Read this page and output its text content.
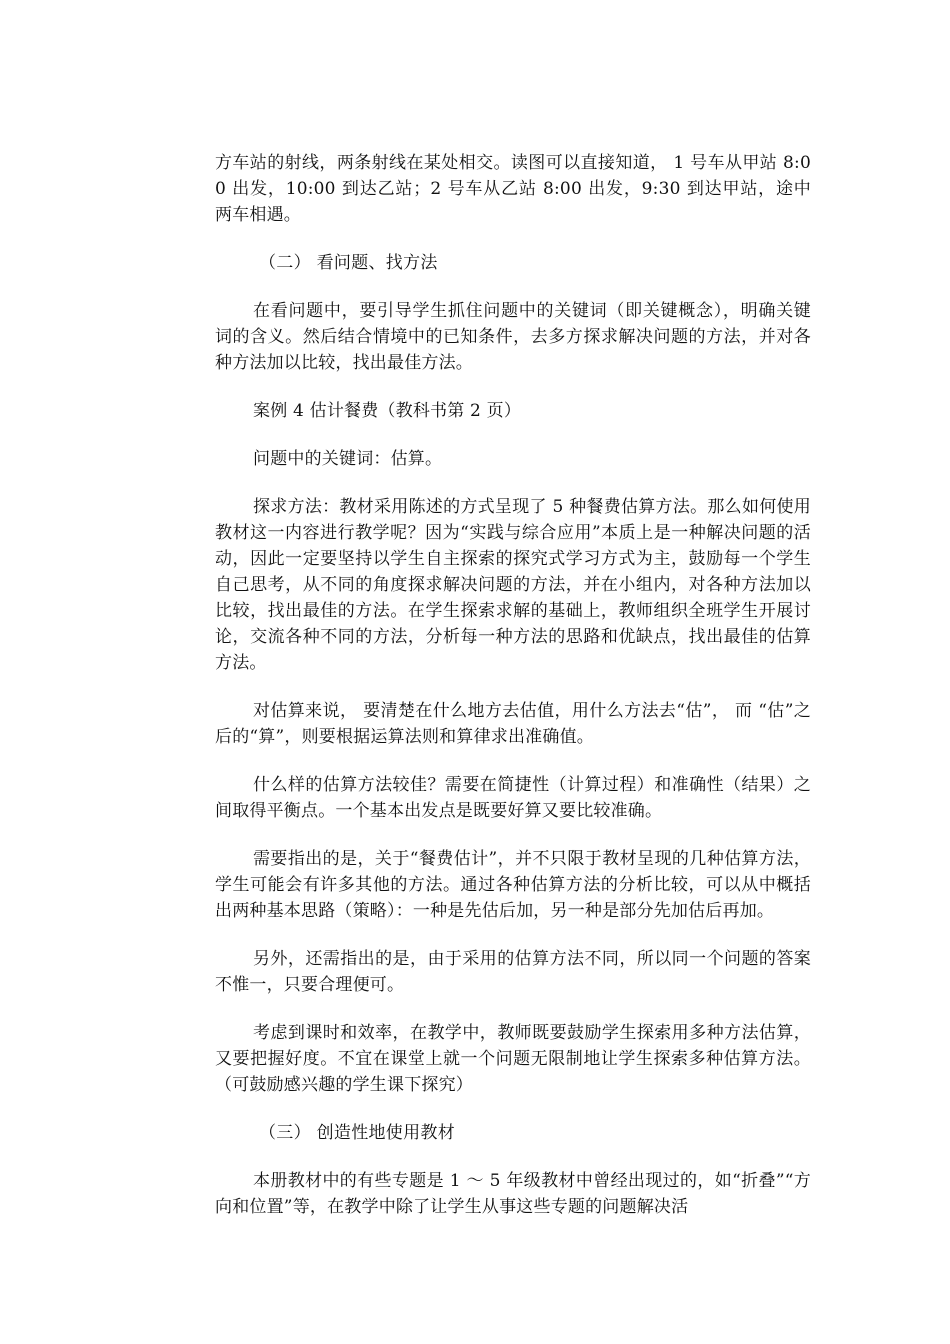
方车站的射线，两条射线在某处相交。读图可以直接知道， 1 号车从甲站 8:00 出发，10:00 到达乙站；2 号车从乙站 8:00 出发，9:30 到达甲站，途中两车相遇。

（二） 看问题、找方法

在看问题中，要引导学生抓住问题中的关键词（即关键概念），明确关键词的含义。然后结合情境中的已知条件，去多方探求解决问题的方法，并对各种方法加以比较，找出最佳方法。

案例 4 估计餐费（教科书第 2 页）

问题中的关键词：估算。

探求方法：教材采用陈述的方式呈现了 5 种餐费估算方法。那么如何使用教材这一内容进行教学呢？因为“实践与综合应用”本质上是一种解决问题的活动，因此一定要坚持以学生自主探索的探究式学习方式为主，鼓励每一个学生自己思考，从不同的角度探求解决问题的方法，并在小组内，对各种方法加以比较，找出最佳的方法。在学生探索求解的基础上，教师组织全班学生开展讨论，交流各种不同的方法，分析每一种方法的思路和优缺点，找出最佳的估算方法。

对估算来说， 要清楚在什么地方去估值，用什么方法去“估”， 而 “估”之后的“算”，则要根据运算法则和算律求出准确值。

什么样的估算方法较佳？需要在简捷性（计算过程）和准确性（结果）之间取得平衡点。一个基本出发点是既要好算又要比较准确。

需要指出的是，关于“餐费估计”，并不只限于教材呈现的几种估算方法，学生可能会有许多其他的方法。通过各种估算方法的分析比较，可以从中概括出两种基本思路（策略）：一种是先估后加，另一种是部分先加估后再加。

另外，还需指出的是，由于采用的估算方法不同，所以同一个问题的答案不惟一，只要合理便可。

考虑到课时和效率，在教学中，教师既要鼓励学生探索用多种方法估算，又要把握好度。不宜在课堂上就一个问题无限制地让学生探索多种估算方法。（可鼓励感兴趣的学生课下探究）

（三） 创造性地使用教材

本册教材中的有些专题是 1 ～ 5 年级教材中曾经出现过的，如“折叠”“方向和位置”等，在教学中除了让学生从事这些专题的问题解决活
